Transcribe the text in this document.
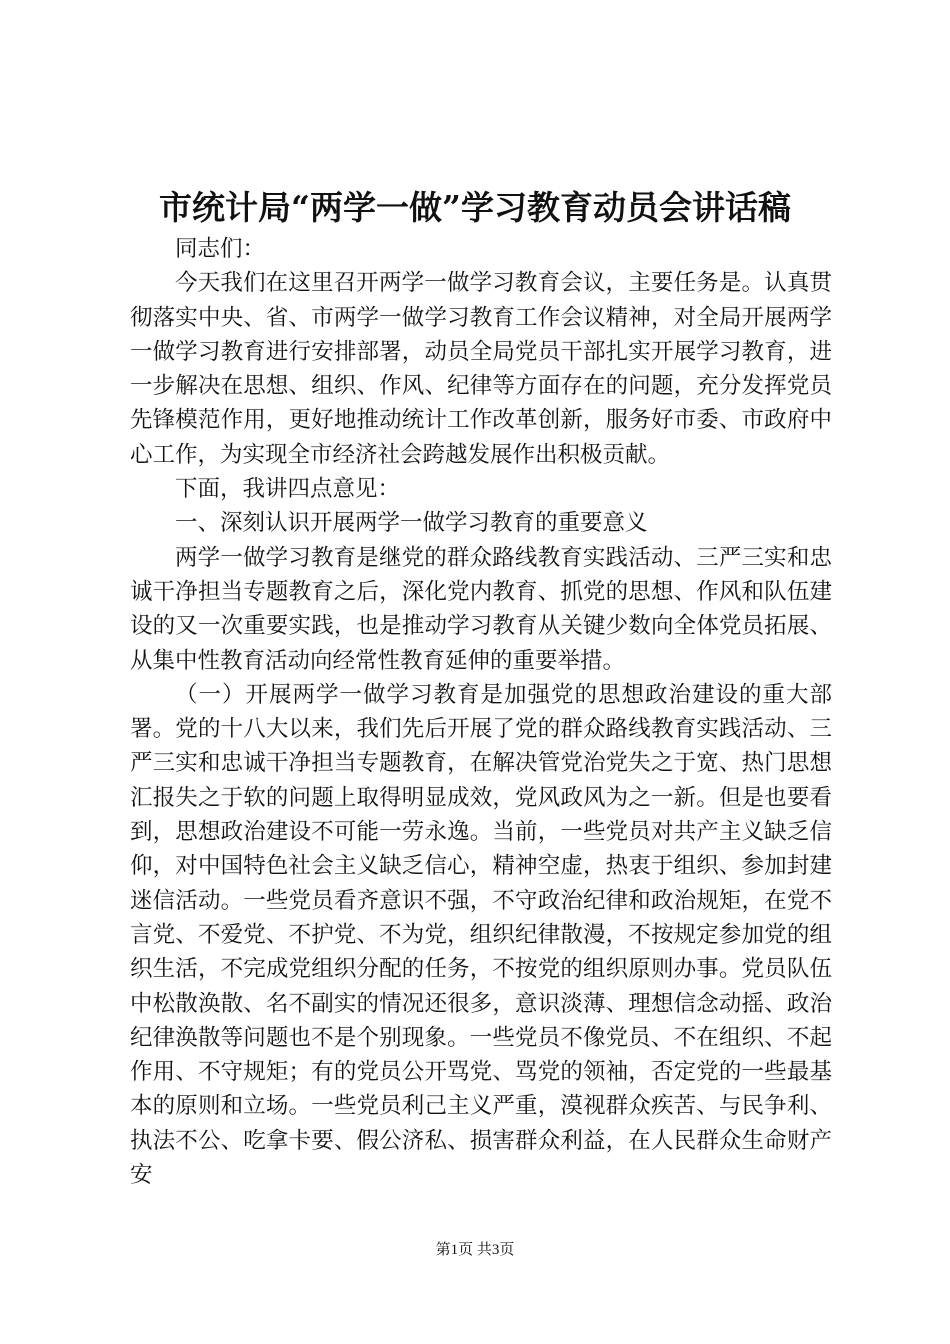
市统计局“两学一做”学习教育动员会讲话稿

同志们：

今天我们在这里召开两学一做学习教育会议，主要任务是。认真贯彻落实中央、省、市两学一做学习教育工作会议精神，对全局开展两学一做学习教育进行安排部署，动员全局党员干部扎实开展学习教育，进一步解决在思想、组织、作风、纪律等方面存在的问题，充分发挥党员先锋模范作用，更好地推动统计工作改革创新，服务好市委、市政府中心工作，为实现全市经济社会跨越发展作出积极贡献。

下面，我讲四点意见：

一、深刻认识开展两学一做学习教育的重要意义

两学一做学习教育是继党的群众路线教育实践活动、三严三实和忠诚干净担当专题教育之后，深化党内教育、抓党的思想、作风和队伍建设的又一次重要实践，也是推动学习教育从关键少数向全体党员拓展、从集中性教育活动向经常性教育延伸的重要举措。

（一）开展两学一做学习教育是加强党的思想政治建设的重大部署。党的十八大以来，我们先后开展了党的群众路线教育实践活动、三严三实和忠诚干净担当专题教育，在解决管党治党失之于宽、热门思想汇报失之于软的问题上取得明显成效，党风政风为之一新。但是也要看到，思想政治建设不可能一劳永逸。当前，一些党员对共产主义缺乏信仰，对中国特色社会主义缺乏信心，精神空虚，热衷于组织、参加封建迷信活动。一些党员看齐意识不强，不守政治纪律和政治规矩，在党不言党、不爱党、不护党、不为党，组织纪律散漫，不按规定参加党的组织生活，不完成党组织分配的任务，不按党的组织原则办事。党员队伍中松散涣散、名不副实的情况还很多，意识淡薄、理想信念动摇、政治纪律涣散等问题也不是个别现象。一些党员不像党员、不在组织、不起作用、不守规矩；有的党员公开骂党、骂党的领袖，否定党的一些最基本的原则和立场。一些党员利己主义严重，漠视群众疾苦、与民争利、执法不公、吃拿卡要、假公济私、损害群众利益，在人民群众生命财产安

第1页 共3页
